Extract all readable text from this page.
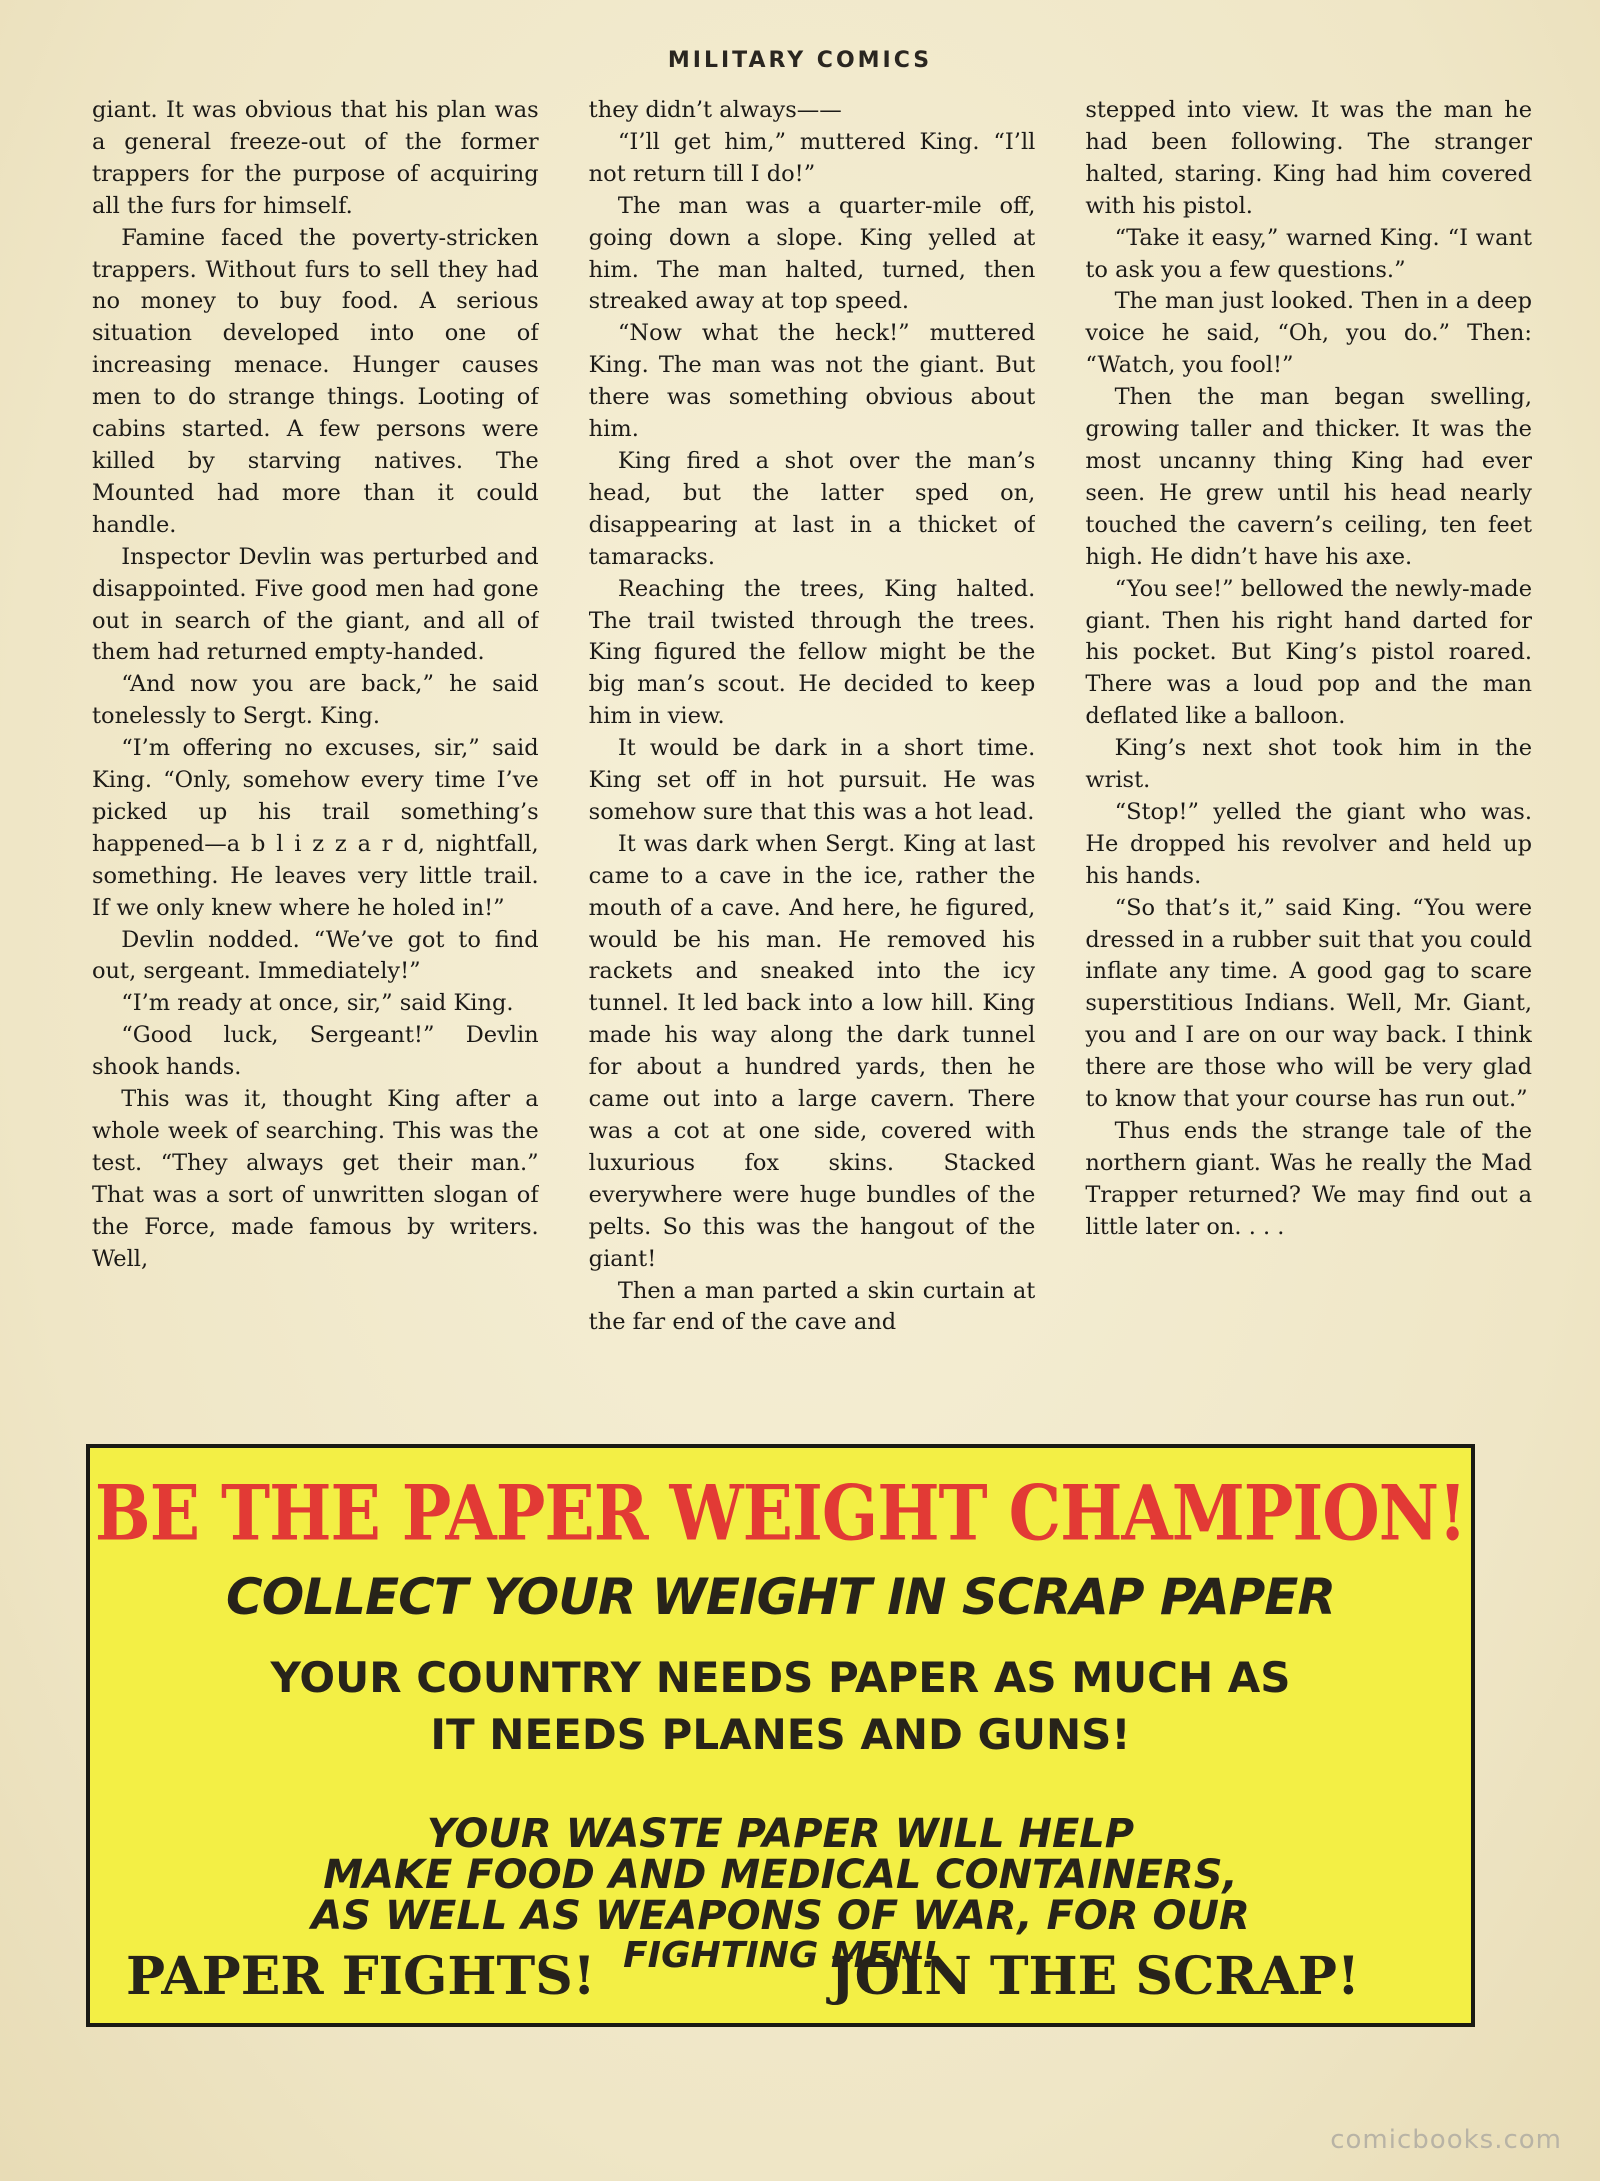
MILITARY COMICS

giant. It was obvious that his plan was a general freeze-out of the former trappers for the purpose of acquiring all the furs for himself.

Famine faced the poverty-stricken trappers. Without furs to sell they had no money to buy food. A serious situation developed into one of increasing menace. Hunger causes men to do strange things. Looting of cabins started. A few persons were killed by starving natives. The Mounted had more than it could handle.

Inspector Devlin was perturbed and disappointed. Five good men had gone out in search of the giant, and all of them had returned empty-handed.

“And now you are back,” he said tonelessly to Sergt. King.

“I’m offering no excuses, sir,” said King. “Only, somehow every time I’ve picked up his trail something’s happened—a b l i z z a r d, nightfall, something. He leaves very little trail. If we only knew where he holed in!”

Devlin nodded. “We’ve got to find out, sergeant. Immediately!”

“I’m ready at once, sir,” said King.

“Good luck, Sergeant!” Devlin shook hands.

This was it, thought King after a whole week of searching. This was the test. “They always get their man.” That was a sort of unwritten slogan of the Force, made famous by writers. Well,

they didn’t always——

“I’ll get him,” muttered King. “I’ll not return till I do!”

The man was a quarter-mile off, going down a slope. King yelled at him. The man halted, turned, then streaked away at top speed.

“Now what the heck!” muttered King. The man was not the giant. But there was something obvious about him.

King fired a shot over the man’s head, but the latter sped on, disappearing at last in a thicket of tamaracks.

Reaching the trees, King halted. The trail twisted through the trees. King figured the fellow might be the big man’s scout. He decided to keep him in view.

It would be dark in a short time. King set off in hot pursuit. He was somehow sure that this was a hot lead.

It was dark when Sergt. King at last came to a cave in the ice, rather the mouth of a cave. And here, he figured, would be his man. He removed his rackets and sneaked into the icy tunnel. It led back into a low hill. King made his way along the dark tunnel for about a hundred yards, then he came out into a large cavern. There was a cot at one side, covered with luxurious fox skins. Stacked everywhere were huge bundles of the pelts. So this was the hangout of the giant!

Then a man parted a skin curtain at the far end of the cave and

stepped into view. It was the man he had been following. The stranger halted, staring. King had him covered with his pistol.

“Take it easy,” warned King. “I want to ask you a few questions.”

The man just looked. Then in a deep voice he said, “Oh, you do.” Then: “Watch, you fool!”

Then the man began swelling, growing taller and thicker. It was the most uncanny thing King had ever seen. He grew until his head nearly touched the cavern’s ceiling, ten feet high. He didn’t have his axe.

“You see!” bellowed the newly-made giant. Then his right hand darted for his pocket. But King’s pistol roared. There was a loud pop and the man deflated like a balloon.

King’s next shot took him in the wrist.

“Stop!” yelled the giant who was. He dropped his revolver and held up his hands.

“So that’s it,” said King. “You were dressed in a rubber suit that you could inflate any time. A good gag to scare superstitious Indians. Well, Mr. Giant, you and I are on our way back. I think there are those who will be very glad to know that your course has run out.”

Thus ends the strange tale of the northern giant. Was he really the Mad Trapper returned? We may find out a little later on. . . .

BE THE PAPER WEIGHT CHAMPION!
COLLECT YOUR WEIGHT IN SCRAP PAPER
YOUR COUNTRY NEEDS PAPER AS MUCH AS
IT NEEDS PLANES AND GUNS!
YOUR WASTE PAPER WILL HELP
MAKE FOOD AND MEDICAL CONTAINERS,
AS WELL AS WEAPONS OF WAR, FOR OUR
FIGHTING MEN!
PAPER FIGHTS!	JOIN THE SCRAP!
comicbooks.com
